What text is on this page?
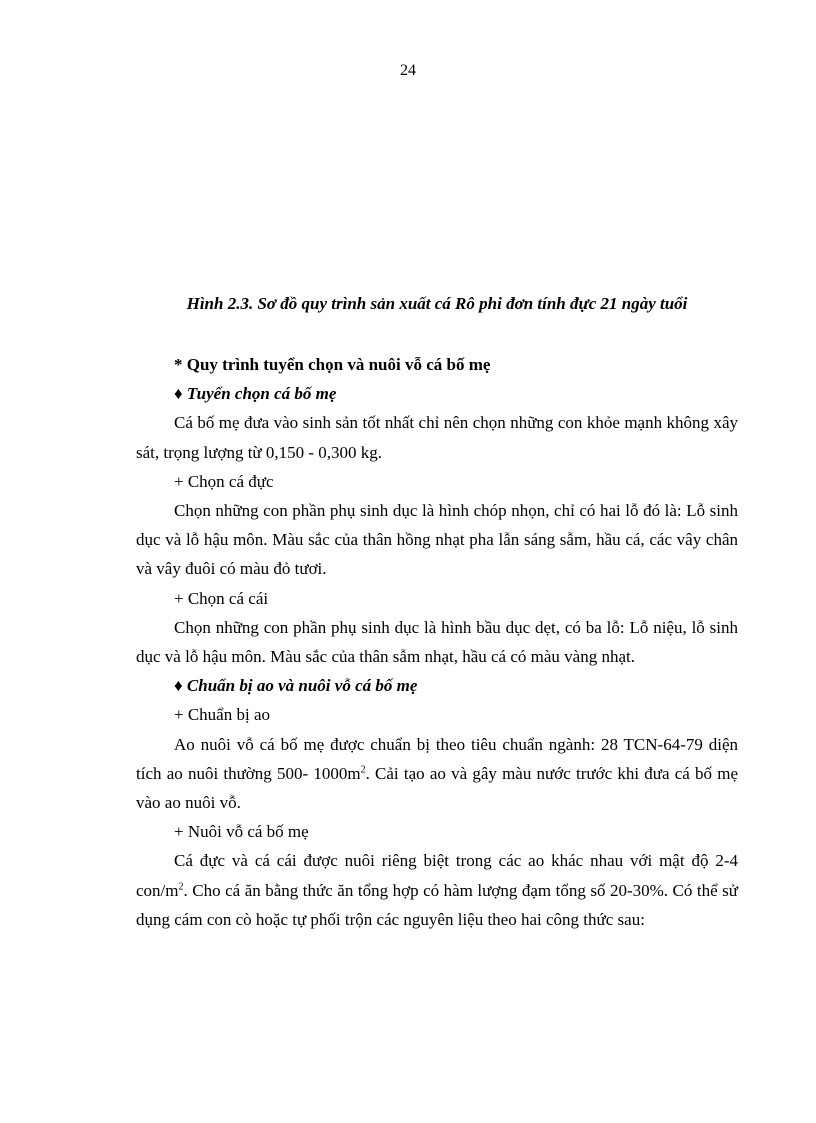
24
Hình 2.3. Sơ đồ quy trình sản xuất cá Rô phi đơn tính đực 21 ngày tuổi

* Quy trình tuyển chọn và nuôi vỗ cá bố mẹ

♦ Tuyển chọn cá bố mẹ

Cá bố mẹ đưa vào sinh sản tốt nhất chỉ nên chọn những con khỏe mạnh không xây sát, trọng lượng từ 0,150 - 0,300 kg.

+ Chọn cá đực

Chọn những con phần phụ sinh dục là hình chóp nhọn, chỉ có hai lỗ đó là: Lỗ sinh dục và lỗ hậu môn. Màu sắc của thân hồng nhạt pha lẫn sáng sẫm, hầu cá, các vây chân và vây đuôi có màu đỏ tươi.

+ Chọn cá cái

Chọn những con phần phụ sinh dục là hình bầu dục dẹt, có ba lỗ: Lỗ niệu, lỗ sinh dục và lỗ hậu môn. Màu sắc của thân sẫm nhạt, hầu cá có màu vàng nhạt.

♦ Chuẩn bị ao và nuôi vỗ cá bố mẹ

+ Chuẩn bị ao

Ao nuôi vỗ cá bố mẹ được chuẩn bị theo tiêu chuẩn ngành: 28 TCN-64-79 diện tích ao nuôi thường 500- $1000m^2$. Cải tạo ao và gây màu nước trước khi đưa cá bố mẹ vào ao nuôi vỗ.

+ Nuôi vỗ cá bố mẹ

Cá đực và cá cái được nuôi riêng biệt trong các ao khác nhau với mật độ 2-4 con/$m^2$. Cho cá ăn bằng thức ăn tổng hợp có hàm lượng đạm tổng số 20-30%. Có thể sử dụng cám con cò hoặc tự phối trộn các nguyên liệu theo hai công thức sau:
